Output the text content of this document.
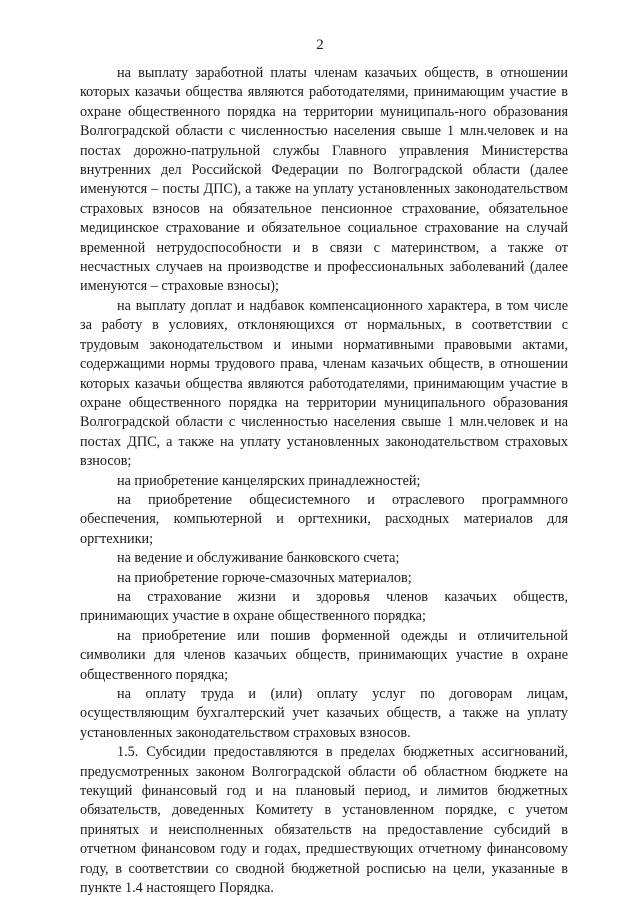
2

на выплату заработной платы членам казачьих обществ, в отношении которых казачьи общества являются работодателями, принимающим участие в охране общественного порядка на территории муниципаль-ного образования Волгоградской области с численностью населения свыше 1 млн.человек и на постах дорожно-патрульной службы Главного управления Министерства внутренних дел Российской Федерации по Волгоградской области (далее именуются – посты ДПС), а также на уплату установленных законодательством страховых взносов на обязательное пенсионное страхование, обязательное медицинское страхование и обязательное социальное страхование на случай временной нетрудоспособности и в связи с материнством, а также от несчастных случаев на производстве и профессиональных заболеваний (далее именуются – страховые взносы);

на выплату доплат и надбавок компенсационного характера, в том числе за работу в условиях, отклоняющихся от нормальных, в соответствии с трудовым законодательством и иными нормативными правовыми актами, содержащими нормы трудового права, членам казачьих обществ, в отношении которых казачьи общества являются работодателями, принимающим участие в охране общественного порядка на территории муниципального образования Волгоградской области с численностью населения свыше 1 млн.человек и на постах ДПС, а также на уплату установленных законодательством страховых взносов;

на приобретение канцелярских принадлежностей;

на приобретение общесистемного и отраслевого программного обеспечения, компьютерной и оргтехники, расходных материалов для оргтехники;

на ведение и обслуживание банковского счета;

на приобретение горюче-смазочных материалов;

на страхование жизни и здоровья членов казачьих обществ, принимающих участие в охране общественного порядка;

на приобретение или пошив форменной одежды и отличительной символики для членов казачьих обществ, принимающих участие в охране общественного порядка;

на оплату труда и (или) оплату услуг по договорам лицам, осуществляющим бухгалтерский учет казачьих обществ, а также на уплату установленных законодательством страховых взносов.

1.5. Субсидии предоставляются в пределах бюджетных ассигнований, предусмотренных законом Волгоградской области об областном бюджете на текущий финансовый год и на плановый период, и лимитов бюджетных обязательств, доведенных Комитету в установленном порядке, с учетом принятых и неисполненных обязательств на предоставление субсидий в отчетном финансовом году и годах, предшествующих отчетному финансовому году, в соответствии со сводной бюджетной росписью на цели, указанные в пункте 1.4 настоящего Порядка.
